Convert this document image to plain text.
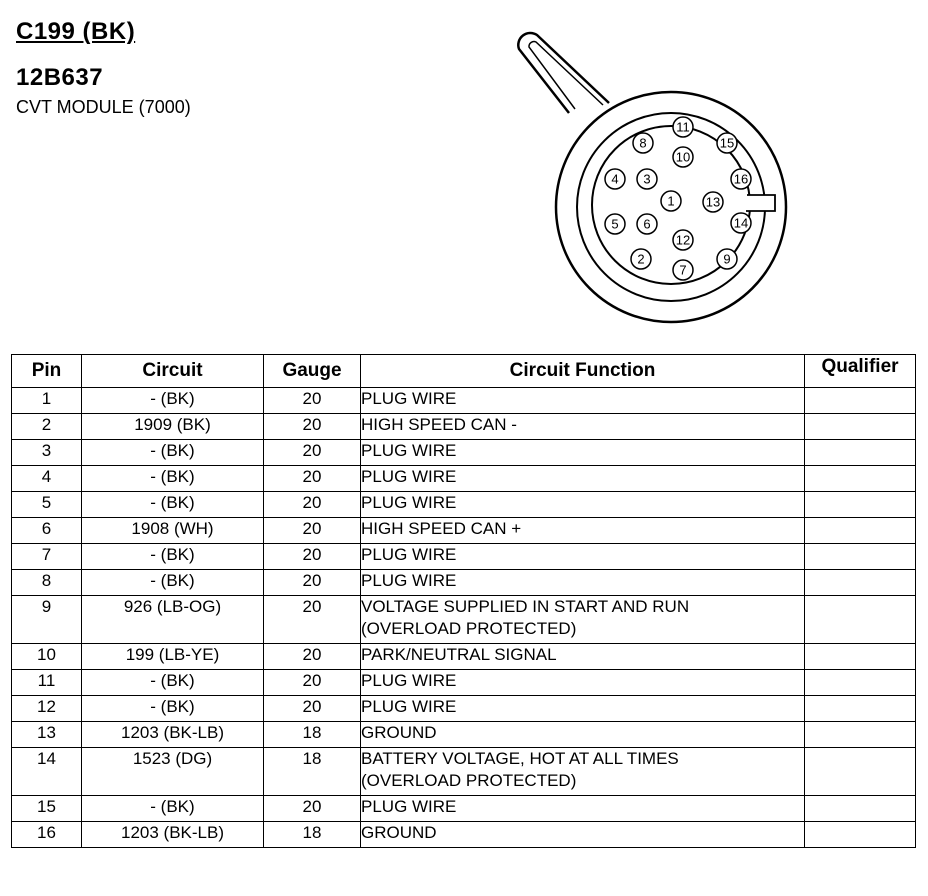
C199 (BK)
12B637
CVT MODULE (7000)
1
2
3
4
5 6
7
8
9
10
11
12
13
14
15
16
Pin	Circuit	Gauge	Circuit Function	Qualifier
1	- (BK)	20	PLUG WIRE	

2	1909 (BK)	20	HIGH SPEED CAN -	

3	- (BK)	20	PLUG WIRE	

4	- (BK)	20	PLUG WIRE	

5	- (BK)	20	PLUG WIRE	

6	1908 (WH)	20	HIGH SPEED CAN +	

7	- (BK)	20	PLUG WIRE	

8	- (BK)	20	PLUG WIRE	

9	926 (LB-OG)	20	VOLTAGE SUPPLIED IN START AND RUN
(OVERLOAD PROTECTED)	

10	199 (LB-YE)	20	PARK/NEUTRAL SIGNAL	

11	- (BK)	20	PLUG WIRE	

12	- (BK)	20	PLUG WIRE	

13	1203 (BK-LB)	18	GROUND	

14	1523 (DG)	18	BATTERY VOLTAGE, HOT AT ALL TIMES
(OVERLOAD PROTECTED)	

15	- (BK)	20	PLUG WIRE	

16	1203 (BK-LB)	18	GROUND	
